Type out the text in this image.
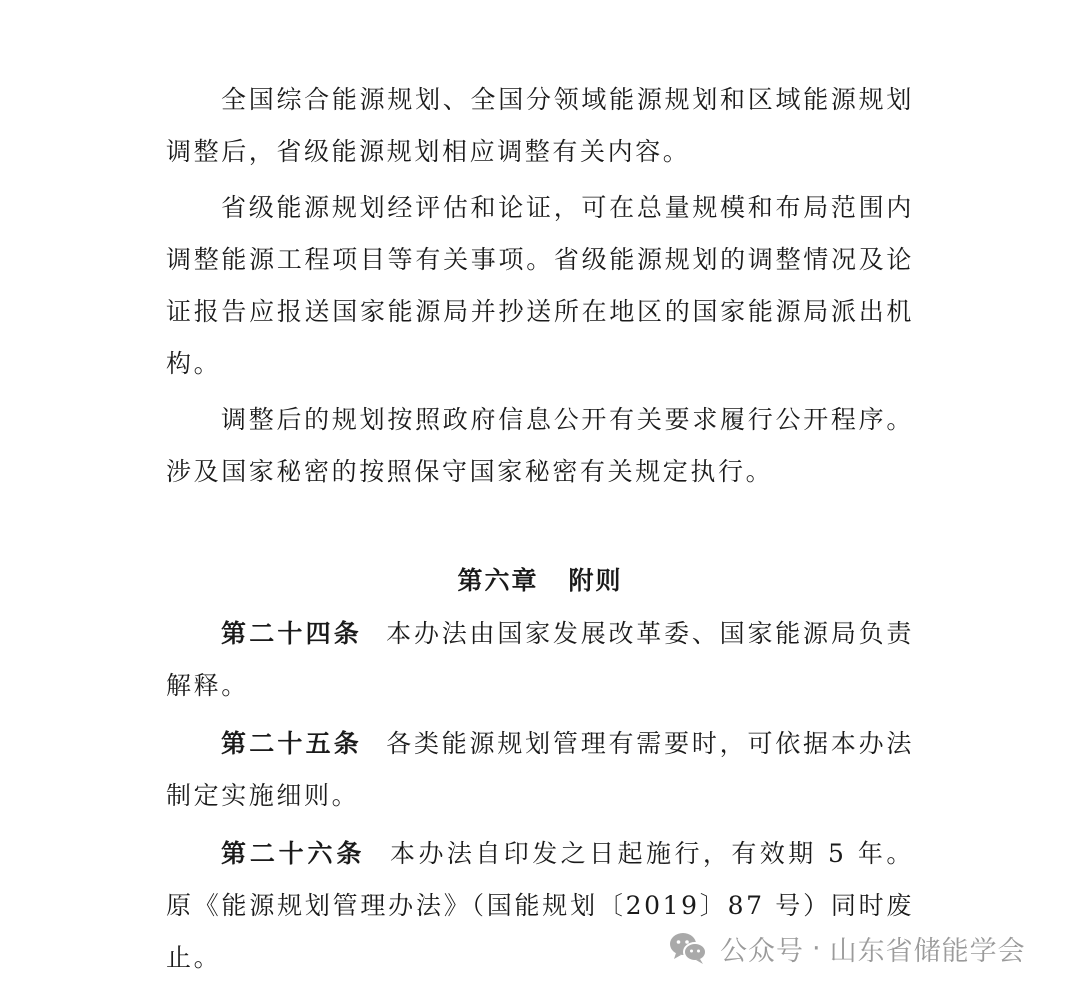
全国综合能源规划、全国分领域能源规划和区域能源规划调整后，省级能源规划相应调整有关内容。

省级能源规划经评估和论证，可在总量规模和布局范围内调整能源工程项目等有关事项。省级能源规划的调整情况及论证报告应报送国家能源局并抄送所在地区的国家能源局派出机构。

调整后的规划按照政府信息公开有关要求履行公开程序。涉及国家秘密的按照保守国家秘密有关规定执行。

第六章 附则

第二十四条 本办法由国家发展改革委、国家能源局负责解释。

第二十五条 各类能源规划管理有需要时，可依据本办法制定实施细则。

第二十六条 本办法自印发之日起施行，有效期 5 年。原《能源规划管理办法》（国能规划〔2019〕87 号）同时废止。	公众号 · 山东省储能学会
